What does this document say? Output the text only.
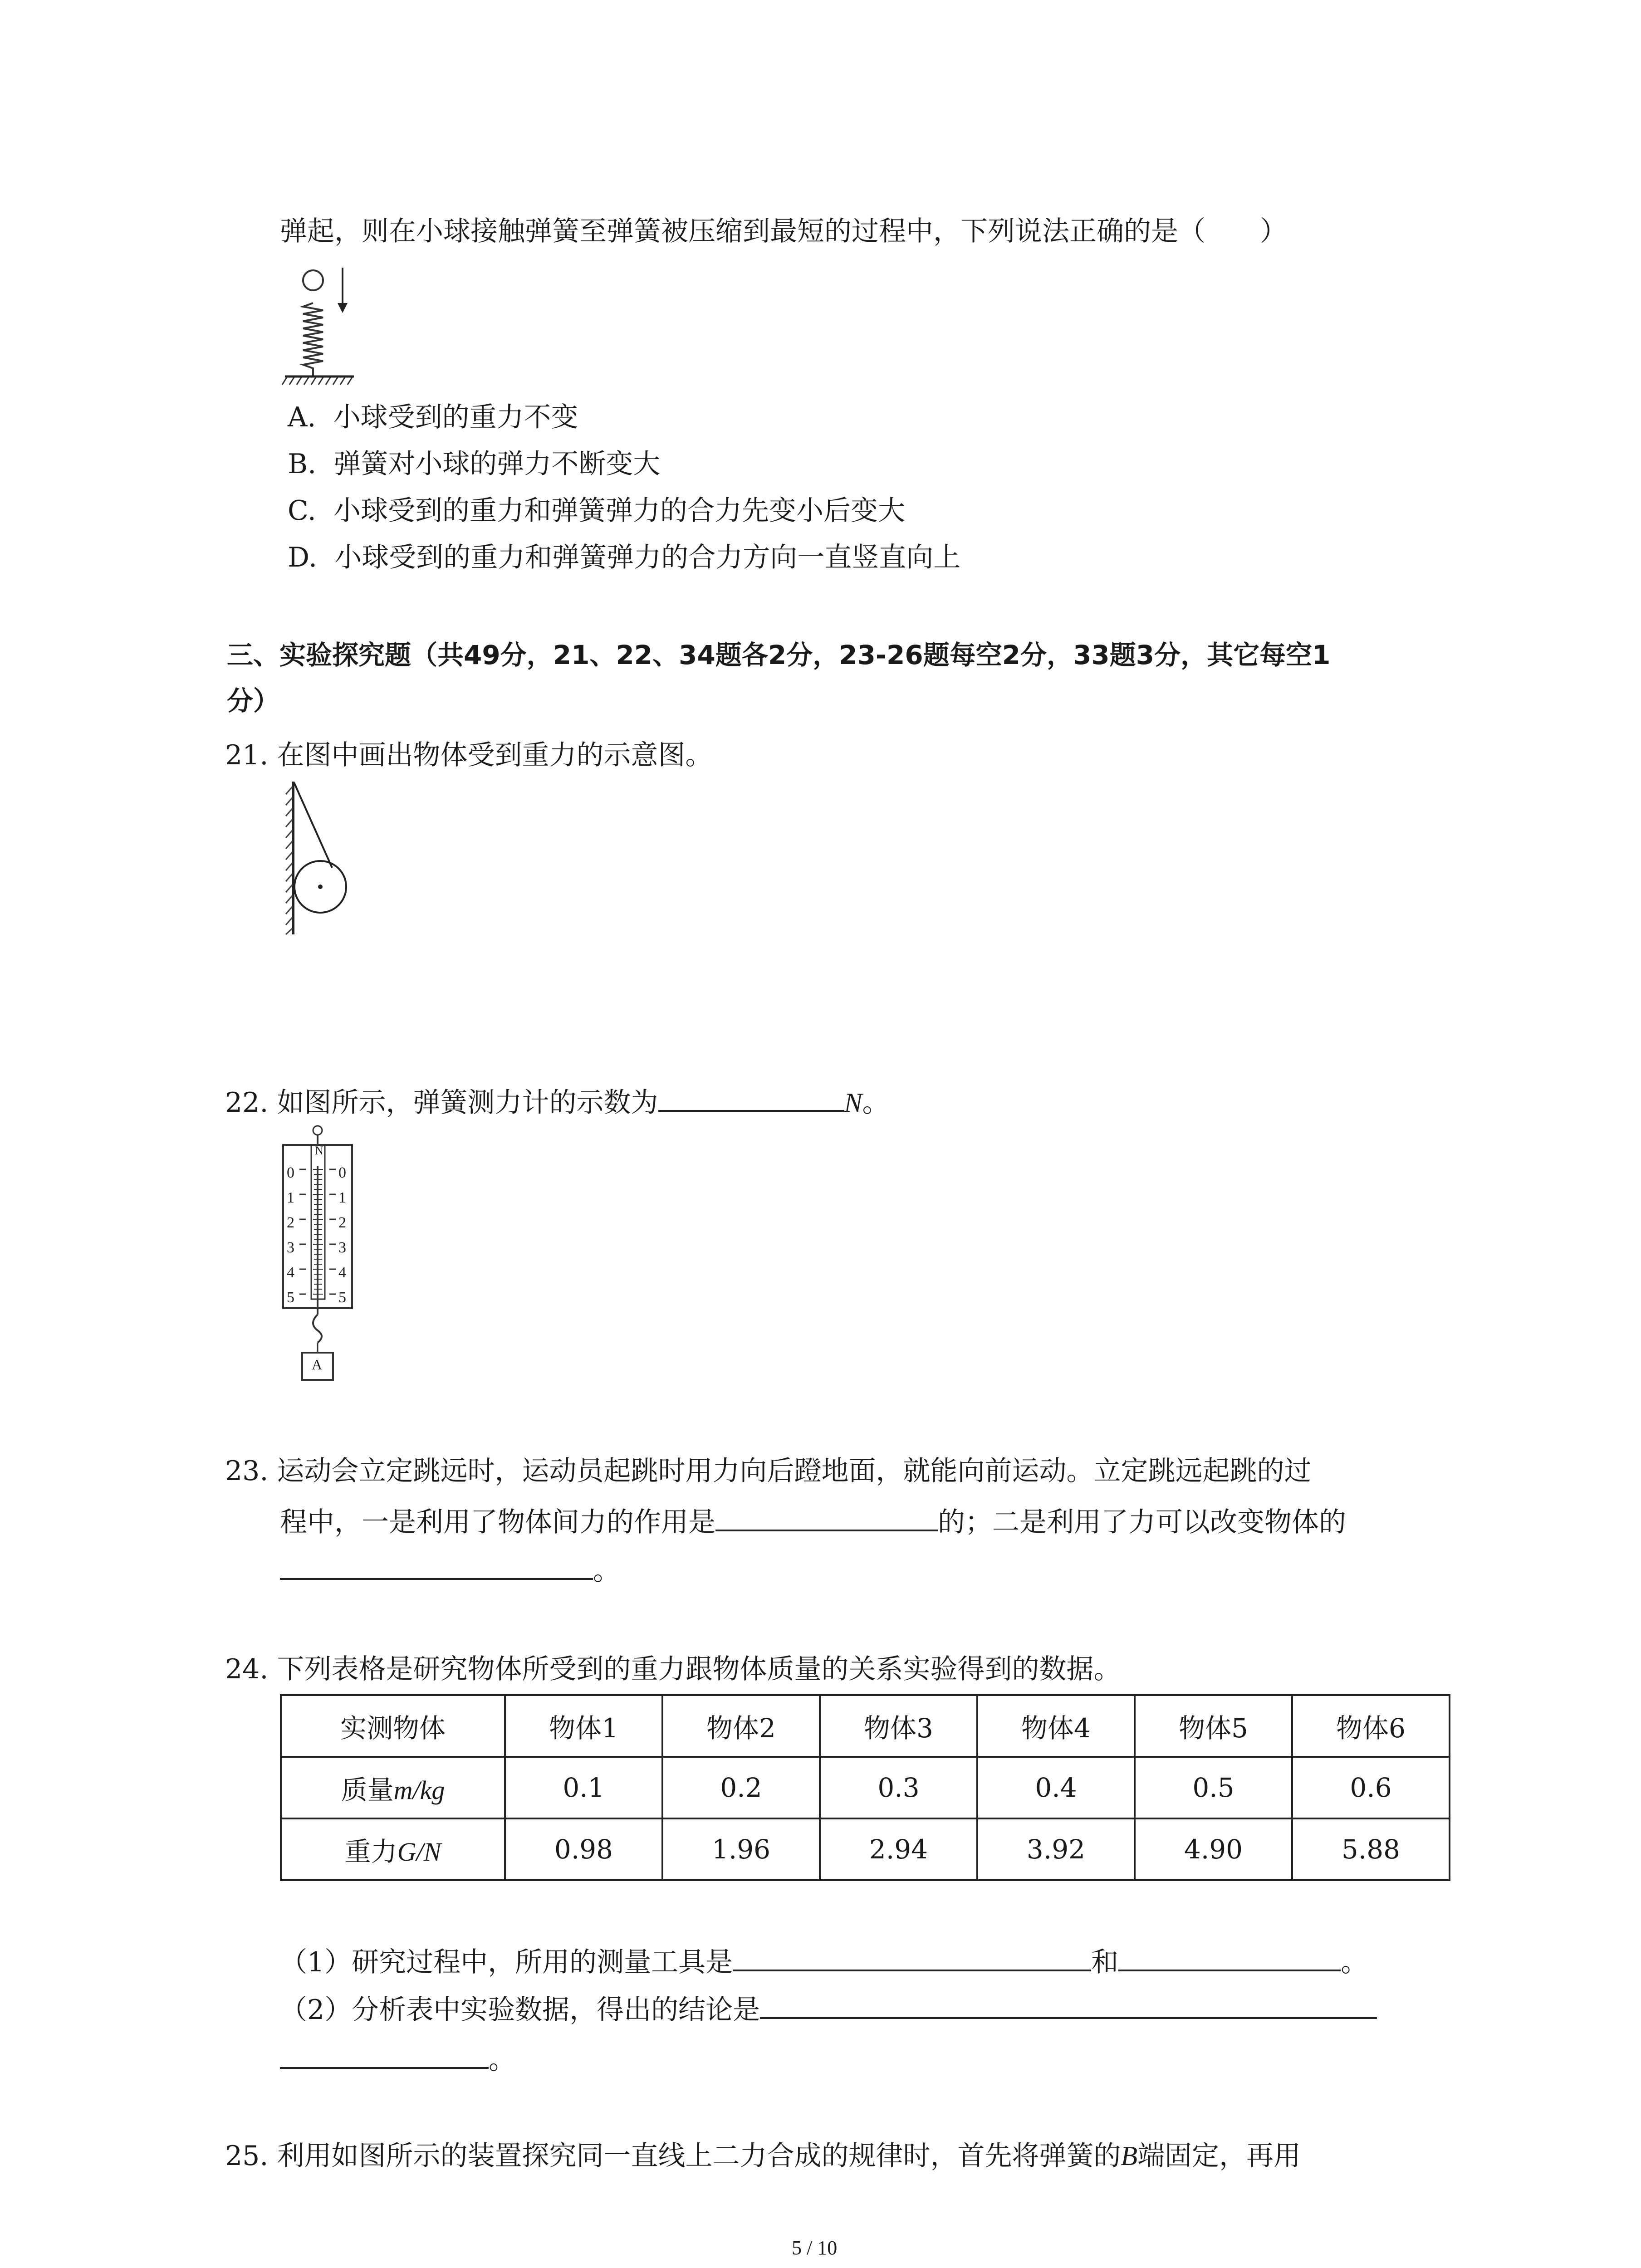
弹起，则在小球接触弹簧至弹簧被压缩到最短的过程中，下列说法正确的是（　　）
A. 小球受到的重力不变
B. 弹簧对小球的弹力不断变大
C. 小球受到的重力和弹簧弹力的合力先变小后变大
D. 小球受到的重力和弹簧弹力的合力方向一直竖直向上
三、实验探究题（共49分，21、22、34题各2分，23-26题每空2分，33题3分，其它每空1
分）
21. 在图中画出物体受到重力的示意图。
22. 如图所示，弹簧测力计的示数为	N。
N
0
1
2
3
4
5
0
1
2
3
4
5
A
23. 运动会立定跳远时，运动员起跳时用力向后蹬地面，就能向前运动。立定跳远起跳的过
程中，一是利用了物体间力的作用是	的；二是利用了力可以改变物体的
。
24. 下列表格是研究物体所受到的重力跟物体质量的关系实验得到的数据。
实测物体	物体1	物体2	物体3	物体4	物体5	物体6
质量m/kg	0.1	0.2	0.3	0.4	0.5	0.6
重力G/N	0.98	1.96	2.94	3.92	4.90	5.88
（1）研究过程中，所用的测量工具是	和	。
（2）分析表中实验数据，得出的结论是
。
25. 利用如图所示的装置探究同一直线上二力合成的规律时，首先将弹簧的B端固定，再用
5 / 10
